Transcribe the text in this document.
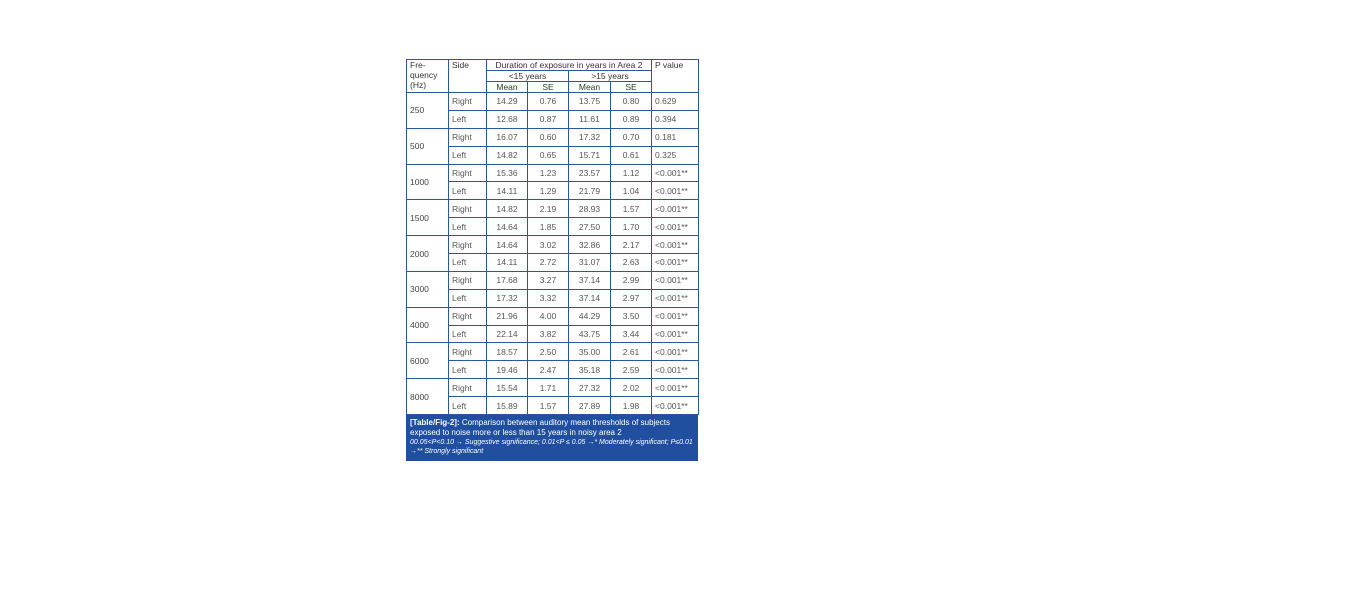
Fre-
quency
(Hz)	Side	Duration of exposure in years in Area 2				P value
		<15 years		>15 years		
		Mean	SE	Mean	SE	
250	Right	14.29	0.76	13.75	0.80	0.629
	Left	12.68	0.87	11.61	0.89	0.394
500	Right	16.07	0.60	17.32	0.70	0.181
	Left	14.82	0.65	15.71	0.61	0.325
1000	Right	15.36	1.23	23.57	1.12	<0.001**
	Left	14.11	1.29	21.79	1.04	<0.001**
1500	Right	14.82	2.19	28.93	1.57	<0.001**
	Left	14.64	1.85	27.50	1.70	<0.001**
2000	Right	14.64	3.02	32.86	2.17	<0.001**
	Left	14.11	2.72	31.07	2.63	<0.001**
3000	Right	17.68	3.27	37.14	2.99	<0.001**
	Left	17.32	3.32	37.14	2.97	<0.001**
4000	Right	21.96	4.00	44.29	3.50	<0.001**
	Left	22.14	3.82	43.75	3.44	<0.001**
6000	Right	18.57	2.50	35.00	2.61	<0.001**
	Left	19.46	2.47	35.18	2.59	<0.001**
8000	Right	15.54	1.71	27.32	2.02	<0.001**
	Left	15.89	1.57	27.89	1.98	<0.001**
[Table/Fig-2]: Comparison between auditory mean thresholds of subjects exposed to noise more or less than 15 years in noisy area 2
00.05<P<0.10 → Suggestive significance; 0.01<P ≤ 0.05 →* Moderately significant; P≤0.01 →** Strongly significant
